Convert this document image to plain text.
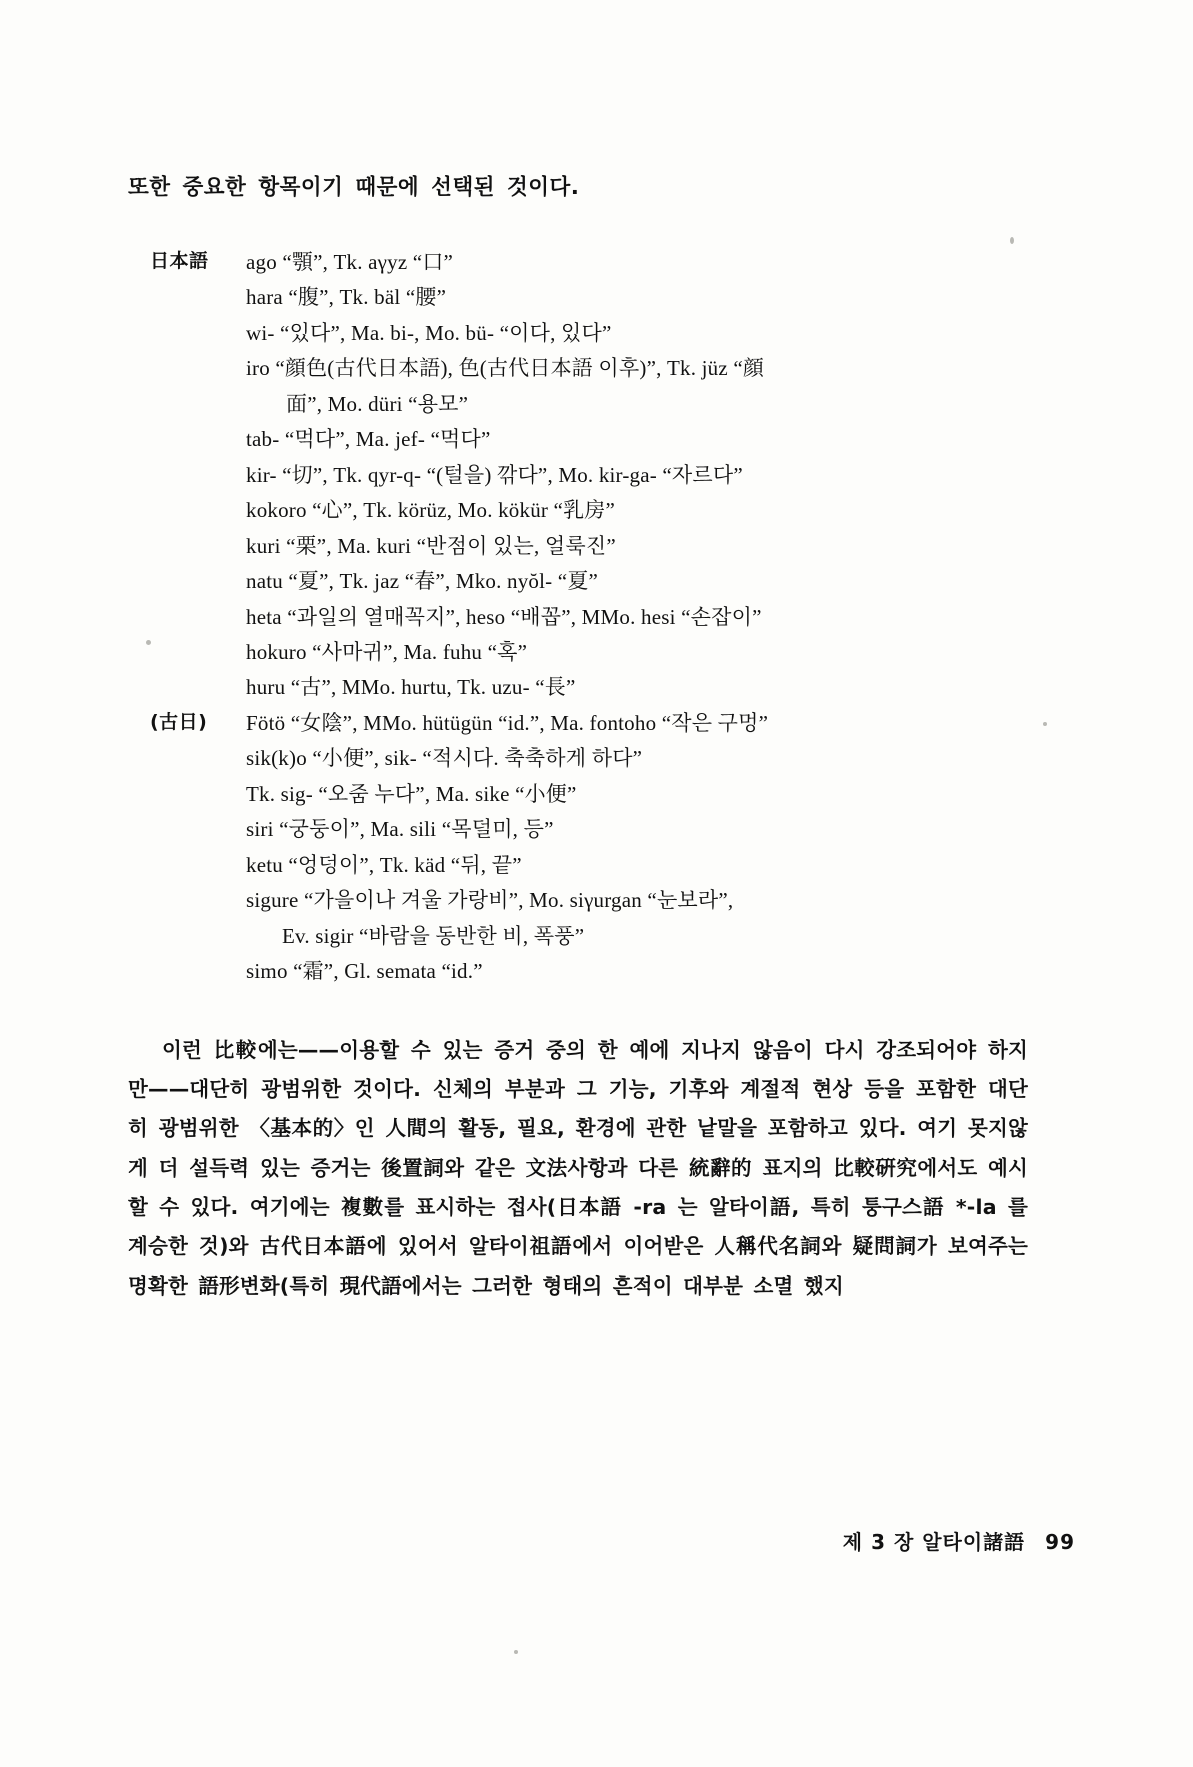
또한 중요한 항목이기 때문에 선택된 것이다.

日本語	ago “顎”, Tk. aγyz “口”
hara “腹”, Tk. bäl “腰”
wi- “있다”, Ma. bi-, Mo. bü- “이다, 있다”
iro “顔色(古代日本語), 色(古代日本語 이후)”, Tk. jüz “顔
面”, Mo. düri “용모”
tab- “먹다”, Ma. jef- “먹다”
kir- “切”, Tk. qyr-q- “(털을) 깎다”, Mo. kir-ga- “자르다”
kokoro “心”, Tk. körüz, Mo. kökür “乳房”
kuri “栗”, Ma. kuri “반점이 있는, 얼룩진”
natu “夏”, Tk. jaz “春”, Mko. nyŏl- “夏”
heta “과일의 열매꼭지”, heso “배꼽”, MMo. hesi “손잡이”
hokuro “사마귀”, Ma. fuhu “혹”
huru “古”, MMo. hurtu, Tk. uzu- “長”
(古日)	Fötö “女陰”, MMo. hütügün “id.”, Ma. fontoho “작은 구멍”
sik(k)o “小便”, sik- “적시다. 축축하게 하다”
Tk. sig- “오줌 누다”, Ma. sike “小便”
siri “궁둥이”, Ma. sili “목덜미, 등”
ketu “엉덩이”, Tk. käd “뒤, 끝”
sigure “가을이나 겨울 가랑비”, Mo. siγurgan “눈보라”,
Ev. sigir “바람을 동반한 비, 폭풍”
simo “霜”, Gl. semata “id.”

이런 比較에는——이용할 수 있는 증거 중의 한 예에 지나지 않음이 다시 강조되어야 하지만——대단히 광범위한 것이다. 신체의 부분과 그 기능, 기후와 계절적 현상 등을 포함한 대단히 광범위한 〈基本的〉인 人間의 활동, 필요, 환경에 관한 낱말을 포함하고 있다. 여기 못지않게 더 설득력 있는 증거는 後置詞와 같은 文法사항과 다른 統辭的 표지의 比較硏究에서도 예시할 수 있다. 여기에는 複數를 표시하는 접사(日本語 -ra 는 알타이語, 특히 퉁구스語 *-la 를 계승한 것)와 古代日本語에 있어서 알타이祖語에서 이어받은 人稱代名詞와 疑問詞가 보여주는 명확한 語形변화(특히 現代語에서는 그러한 형태의 흔적이 대부분 소멸 했지

제 3 장 알타이諸語 99
